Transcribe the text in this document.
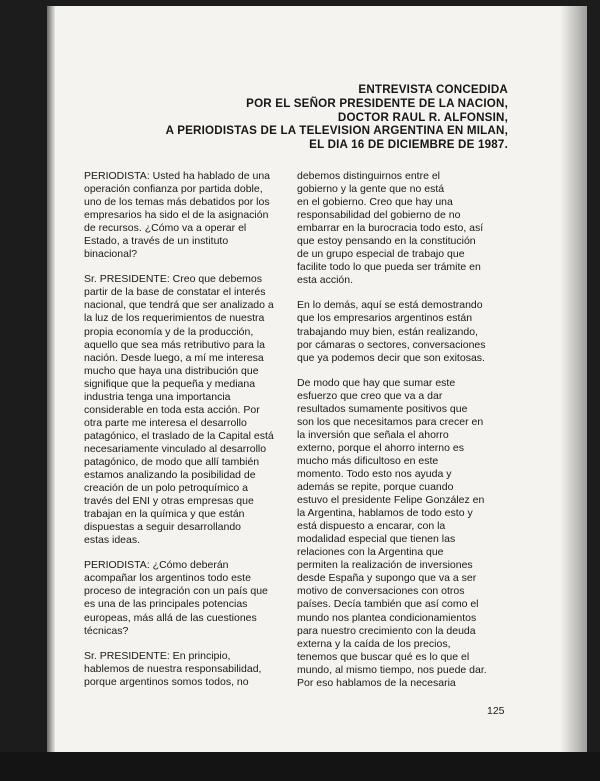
ENTREVISTA CONCEDIDA
POR EL SEÑOR PRESIDENTE DE LA NACION,
DOCTOR RAUL R. ALFONSIN,
A PERIODISTAS DE LA TELEVISION ARGENTINA EN MILAN,
EL DIA 16 DE DICIEMBRE DE 1987.

PERIODISTA: Usted ha hablado de una
operación confianza por partida doble,
uno de los temas más debatidos por los
empresarios ha sido el de la asignación
de recursos. ¿Cómo va a operar el
Estado, a través de un instituto
binacional?

Sr. PRESIDENTE: Creo que debemos
partir de la base de constatar el interés
nacional, que tendrá que ser analizado a
la luz de los requerimientos de nuestra
propia economía y de la producción,
aquello que sea más retributivo para la
nación. Desde luego, a mí me interesa
mucho que haya una distribución que
signifique que la pequeña y mediana
industria tenga una importancia
considerable en toda esta acción. Por
otra parte me interesa el desarrollo
patagónico, el traslado de la Capital está
necesariamente vinculado al desarrollo
patagónico, de modo que allí también
estamos analizando la posibilidad de
creación de un polo petroquímico a
través del ENI y otras empresas que
trabajan en la química y que están
dispuestas a seguir desarrollando
estas ideas.

PERIODISTA: ¿Cómo deberán
acompañar los argentinos todo este
proceso de integración con un país que
es una de las principales potencias
europeas, más allá de las cuestiones
técnicas?

Sr. PRESIDENTE: En principio,
hablemos de nuestra responsabilidad,
porque argentinos somos todos, no

debemos distinguirnos entre el
gobierno y la gente que no está
en el gobierno. Creo que hay una
responsabilidad del gobierno de no
embarrar en la burocracia todo esto, así
que estoy pensando en la constitución
de un grupo especial de trabajo que
facilite todo lo que pueda ser trámite en
esta acción.

En lo demás, aquí se está demostrando
que los empresarios argentinos están
trabajando muy bien, están realizando,
por cámaras o sectores, conversaciones
que ya podemos decir que son exitosas.

De modo que hay que sumar este
esfuerzo que creo que va a dar
resultados sumamente positivos que
son los que necesitamos para crecer en
la inversión que señala el ahorro
externo, porque el ahorro interno es
mucho más dificultoso en este
momento. Todo esto nos ayuda y
además se repite, porque cuando
estuvo el presidente Felipe González en
la Argentina, hablamos de todo esto y
está dispuesto a encarar, con la
modalidad especial que tienen las
relaciones con la Argentina que
permiten la realización de inversiones
desde España y supongo que va a ser
motivo de conversaciones con otros
países. Decía también que así como el
mundo nos plantea condicionamientos
para nuestro crecimiento con la deuda
externa y la caída de los precios,
tenemos que buscar qué es lo que el
mundo, al mismo tiempo, nos puede dar.
Por eso hablamos de la necesaria

125
